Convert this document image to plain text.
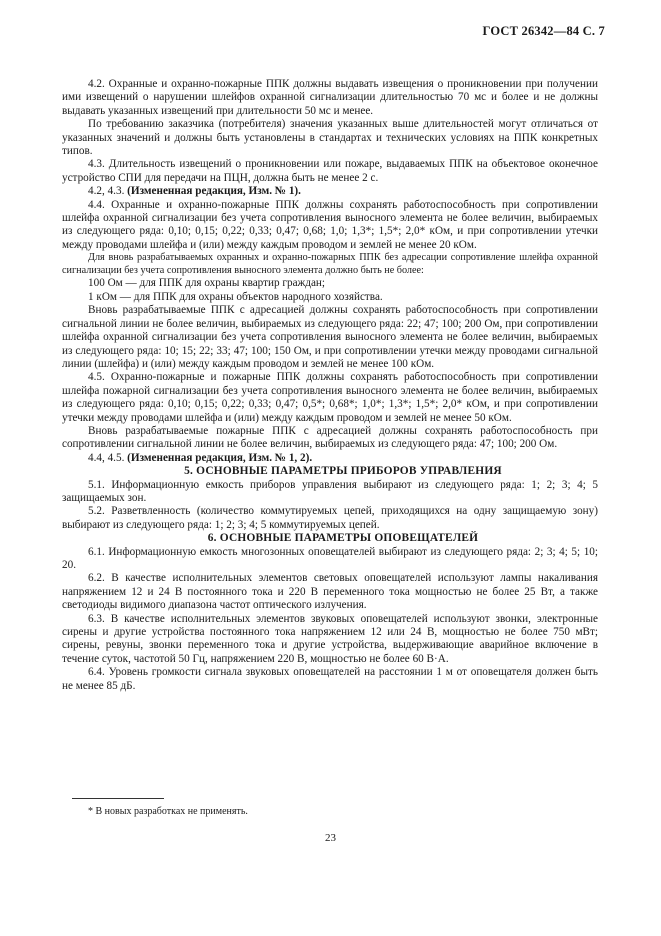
ГОСТ 26342—84 С. 7

4.2. Охранные и охранно-пожарные ППК должны выдавать извещения о проникновении при получении ими извещений о нарушении шлейфов охранной сигнализации длительностью 70 мс и более и не должны выдавать указанных извещений при длительности 50 мс и менее.

По требованию заказчика (потребителя) значения указанных выше длительностей могут отличаться от указанных значений и должны быть установлены в стандартах и технических условиях на ППК конкретных типов.

4.3. Длительность извещений о проникновении или пожаре, выдаваемых ППК на объектовое оконечное устройство СПИ для передачи на ПЦН, должна быть не менее 2 с.

4.2, 4.3. (Измененная редакция, Изм. № 1).

4.4. Охранные и охранно-пожарные ППК должны сохранять работоспособность при сопротивлении шлейфа охранной сигнализации без учета сопротивления выносного элемента не более величин, выбираемых из следующего ряда: 0,10; 0,15; 0,22; 0,33; 0,47; 0,68; 1,0; 1,3*; 1,5*; 2,0* кОм, и при сопротивлении утечки между проводами шлейфа и (или) между каждым проводом и землей не менее 20 кОм.

Для вновь разрабатываемых охранных и охранно-пожарных ППК без адресации сопротивление шлейфа охранной сигнализации без учета сопротивления выносного элемента должно быть не более:

100 Ом — для ППК для охраны квартир граждан;

1 кОм — для ППК для охраны объектов народного хозяйства.

Вновь разрабатываемые ППК с адресацией должны сохранять работоспособность при сопротивлении сигнальной линии не более величин, выбираемых из следующего ряда: 22; 47; 100; 200 Ом, при сопротивлении шлейфа охранной сигнализации без учета сопротивления выносного элемента не более величин, выбираемых из следующего ряда: 10; 15; 22; 33; 47; 100; 150 Ом, и при сопротивлении утечки между проводами сигнальной линии (шлейфа) и (или) между каждым проводом и землей не менее 100 кОм.

4.5. Охранно-пожарные и пожарные ППК должны сохранять работоспособность при сопротивлении шлейфа пожарной сигнализации без учета сопротивления выносного элемента не более величин, выбираемых из следующего ряда: 0,10; 0,15; 0,22; 0,33; 0,47; 0,5*; 0,68*; 1,0*; 1,3*; 1,5*; 2,0* кОм, и при сопротивлении утечки между проводами шлейфа и (или) между каждым проводом и землей не менее 50 кОм.

Вновь разрабатываемые пожарные ППК с адресацией должны сохранять работоспособность при сопротивлении сигнальной линии не более величин, выбираемых из следующего ряда: 47; 100; 200 Ом.

4.4, 4.5. (Измененная редакция, Изм. № 1, 2).

5. ОСНОВНЫЕ ПАРАМЕТРЫ ПРИБОРОВ УПРАВЛЕНИЯ

5.1. Информационную емкость приборов управления выбирают из следующего ряда: 1; 2; 3; 4; 5 защищаемых зон.

5.2. Разветвленность (количество коммутируемых цепей, приходящихся на одну защищаемую зону) выбирают из следующего ряда: 1; 2; 3; 4; 5 коммутируемых цепей.

6. ОСНОВНЫЕ ПАРАМЕТРЫ ОПОВЕЩАТЕЛЕЙ

6.1. Информационную емкость многозонных оповещателей выбирают из следующего ряда: 2; 3; 4; 5; 10; 20.

6.2. В качестве исполнительных элементов световых оповещателей используют лампы накаливания напряжением 12 и 24 В постоянного тока и 220 В переменного тока мощностью не более 25 Вт, а также светодиоды видимого диапазона частот оптического излучения.

6.3. В качестве исполнительных элементов звуковых оповещателей используют звонки, электронные сирены и другие устройства постоянного тока напряжением 12 или 24 В, мощностью не более 750 мВт; сирены, ревуны, звонки переменного тока и другие устройства, выдерживающие аварийное включение в течение суток, частотой 50 Гц, напряжением 220 В, мощностью не более 60 В·А.

6.4. Уровень громкости сигнала звуковых оповещателей на расстоянии 1 м от оповещателя должен быть не менее 85 дБ.

* В новых разработках не применять.
23
